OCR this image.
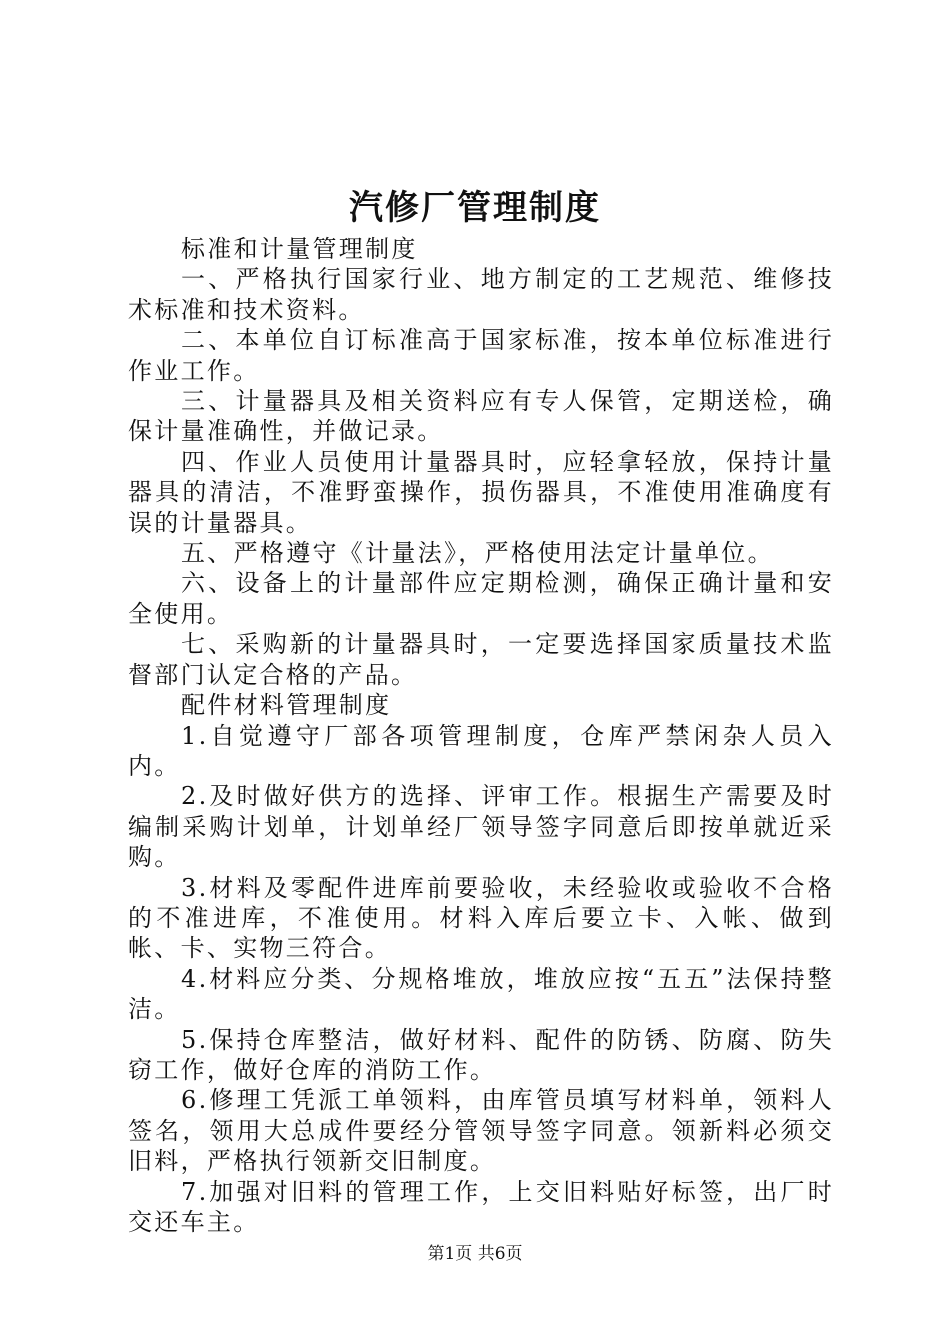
汽修厂管理制度

标准和计量管理制度

一、严格执行国家行业、地方制定的工艺规范、维修技术标准和技术资料。

二、本单位自订标准高于国家标准，按本单位标准进行作业工作。

三、计量器具及相关资料应有专人保管，定期送检，确保计量准确性，并做记录。

四、作业人员使用计量器具时，应轻拿轻放，保持计量器具的清洁，不准野蛮操作，损伤器具，不准使用准确度有误的计量器具。

五、严格遵守《计量法》，严格使用法定计量单位。

六、设备上的计量部件应定期检测，确保正确计量和安全使用。

七、采购新的计量器具时，一定要选择国家质量技术监督部门认定合格的产品。

配件材料管理制度

1.自觉遵守厂部各项管理制度，仓库严禁闲杂人员入内。

2.及时做好供方的选择、评审工作。根据生产需要及时编制采购计划单，计划单经厂领导签字同意后即按单就近采购。

3.材料及零配件进库前要验收，未经验收或验收不合格的不准进库，不准使用。材料入库后要立卡、入帐、做到帐、卡、实物三符合。

4.材料应分类、分规格堆放，堆放应按“五五”法保持整洁。

5.保持仓库整洁，做好材料、配件的防锈、防腐、防失窃工作，做好仓库的消防工作。

6.修理工凭派工单领料，由库管员填写材料单，领料人签名，领用大总成件要经分管领导签字同意。领新料必须交旧料，严格执行领新交旧制度。

7.加强对旧料的管理工作，上交旧料贴好标签，出厂时交还车主。

第1页 共6页
